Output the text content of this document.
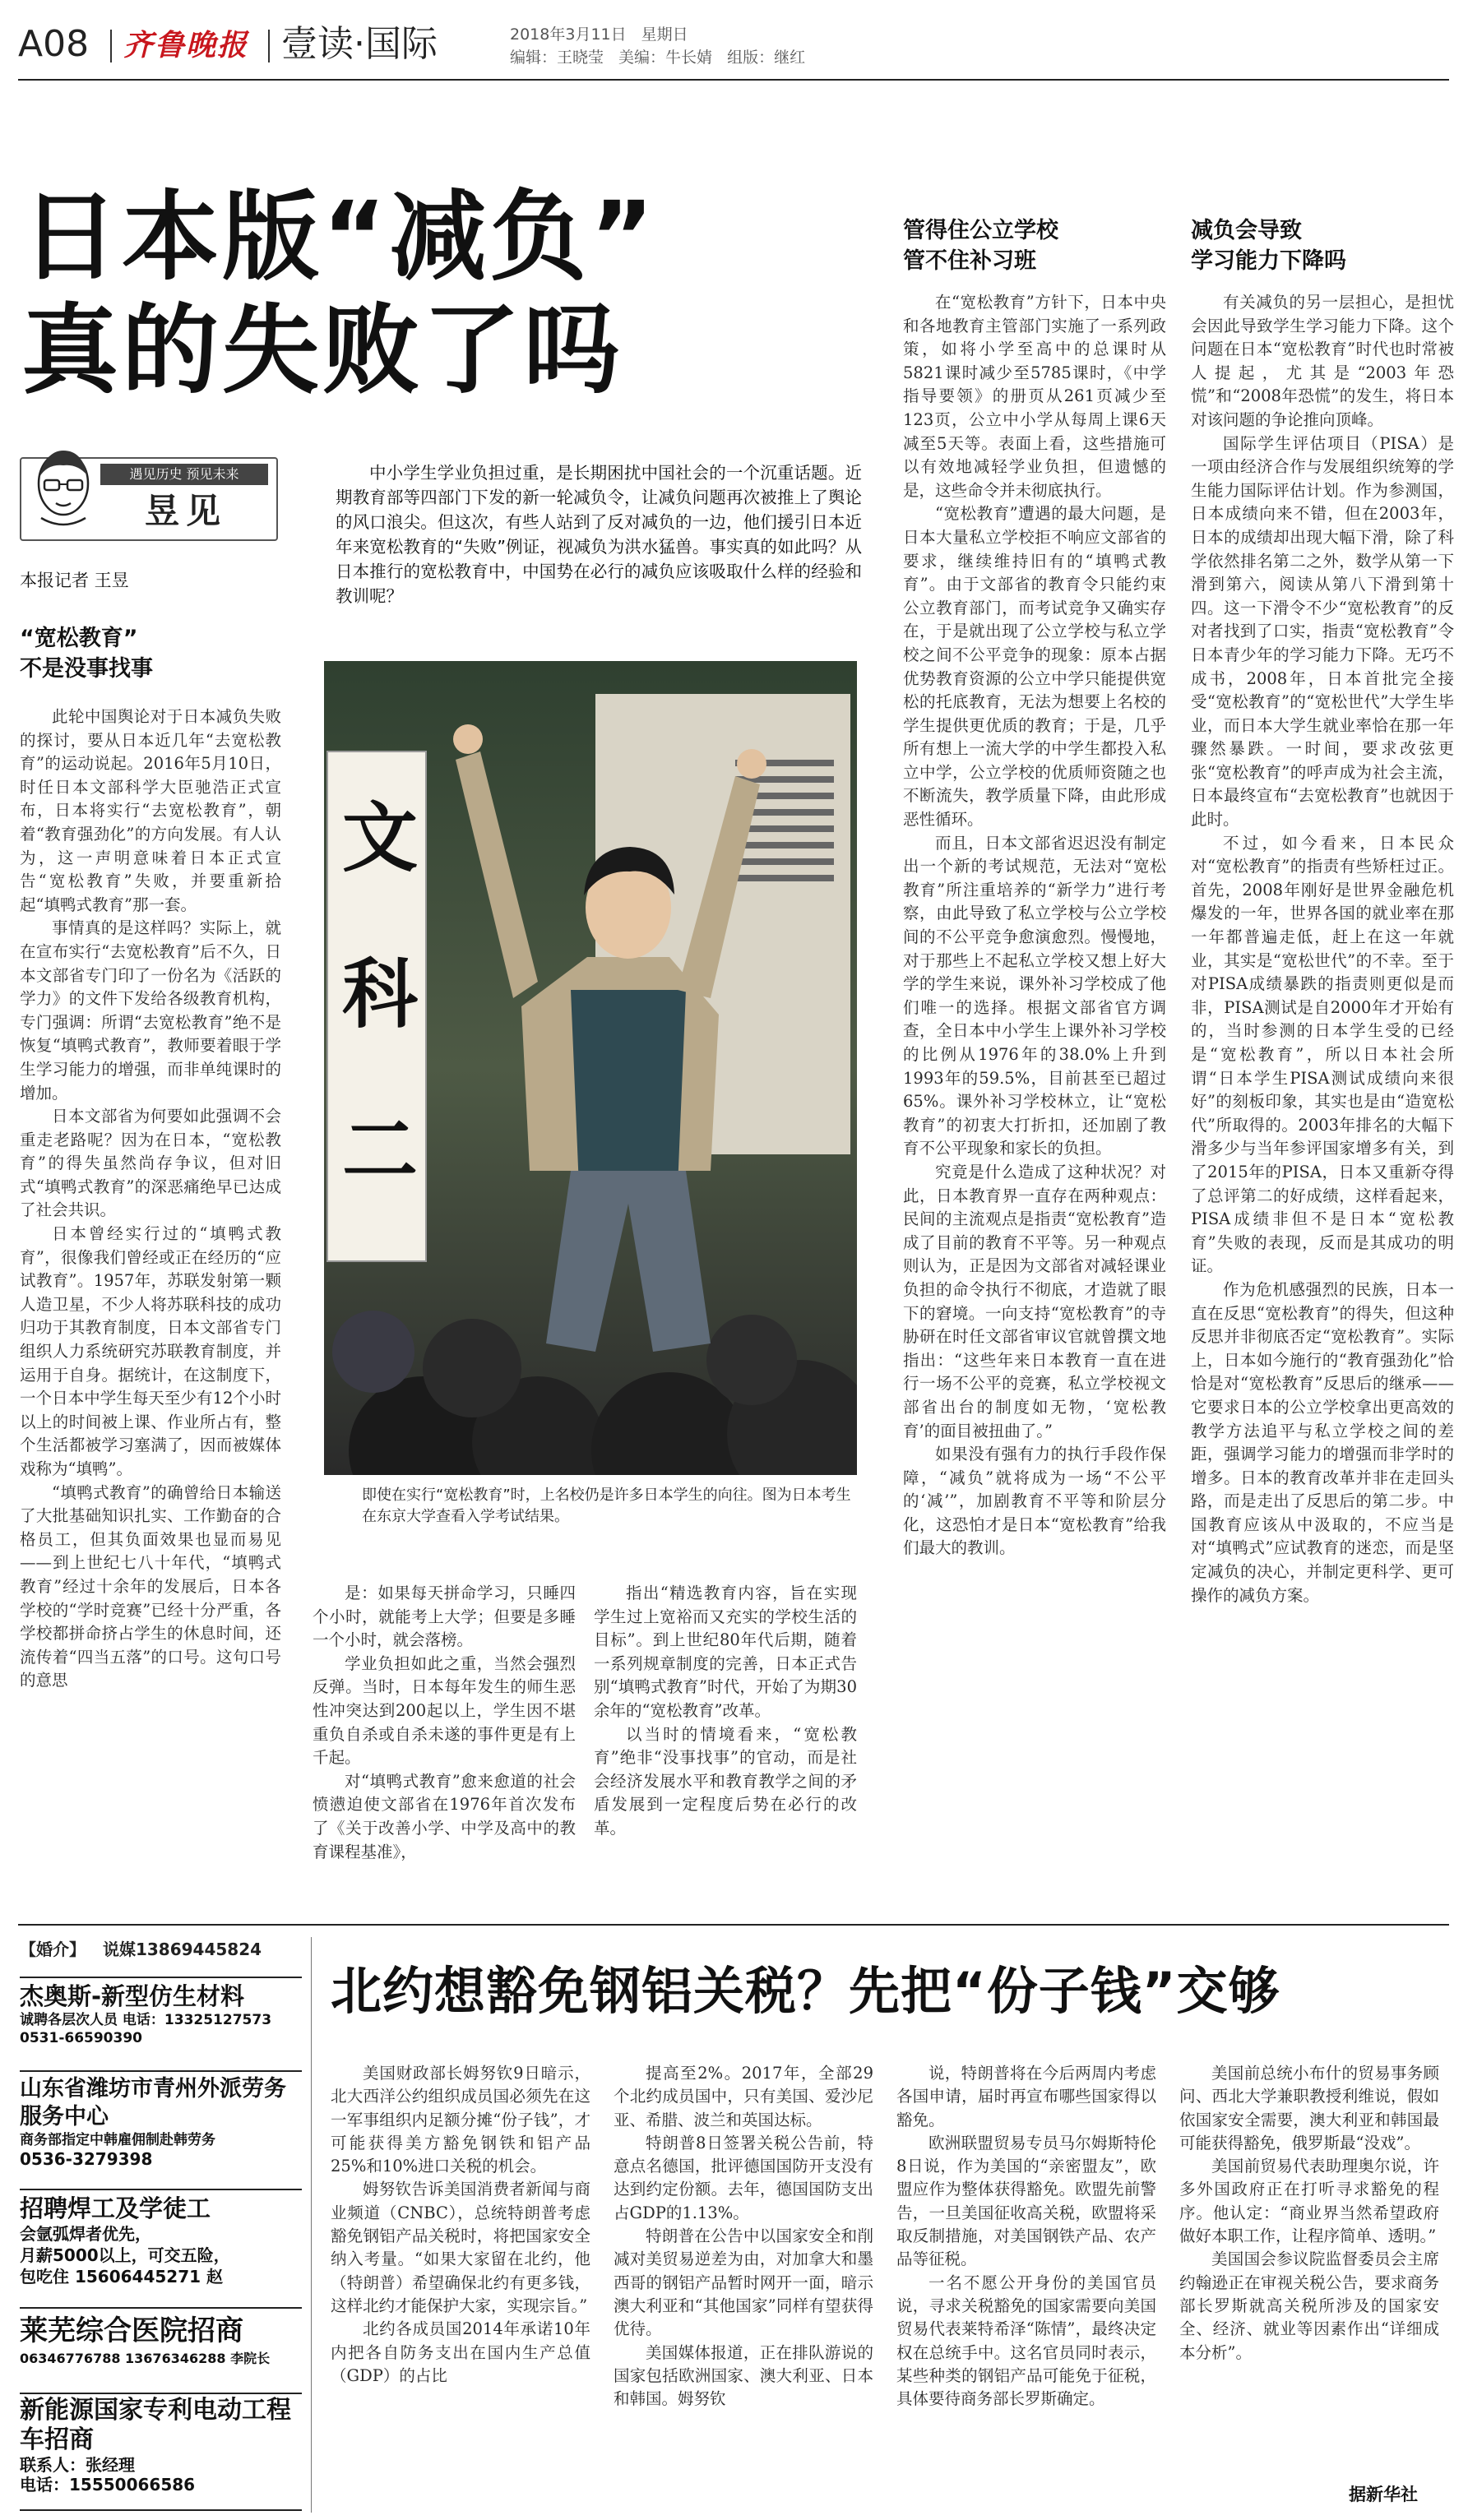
A08 齐鲁晚报 壹读·国际	2018年3月11日 星期日
编辑：王晓莹 美编：牛长婧 组版：继红
日本版“减负”
真的失败了吗
遇见历史 预见未来
昱见
本报记者 王昱
中小学生学业负担过重，是长期困扰中国社会的一个沉重话题。近期教育部等四部门下发的新一轮减负令，让减负问题再次被推上了舆论的风口浪尖。但这次，有些人站到了反对减负的一边，他们援引日本近年来宽松教育的“失败”例证，视减负为洪水猛兽。事实真的如此吗？从日本推行的宽松教育中，中国势在必行的减负应该吸取什么样的经验和教训呢？
“宽松教育”
不是没事找事

此轮中国舆论对于日本减负失败的探讨，要从日本近几年“去宽松教育”的运动说起。2016年5月10日，时任日本文部科学大臣驰浩正式宣布，日本将实行“去宽松教育”，朝着“教育强劲化”的方向发展。有人认为，这一声明意味着日本正式宣告“宽松教育”失败，并要重新拾起“填鸭式教育”那一套。

事情真的是这样吗？实际上，就在宣布实行“去宽松教育”后不久，日本文部省专门印了一份名为《活跃的学力》的文件下发给各级教育机构，专门强调：所谓“去宽松教育”绝不是恢复“填鸭式教育”，教师要着眼于学生学习能力的增强，而非单纯课时的增加。

日本文部省为何要如此强调不会重走老路呢？因为在日本，“宽松教育”的得失虽然尚存争议，但对旧式“填鸭式教育”的深恶痛绝早已达成了社会共识。

日本曾经实行过的“填鸭式教育”，很像我们曾经或正在经历的“应试教育”。1957年，苏联发射第一颗人造卫星，不少人将苏联科技的成功归功于其教育制度，日本文部省专门组织人力系统研究苏联教育制度，并运用于自身。据统计，在这制度下，一个日本中学生每天至少有12个小时以上的时间被上课、作业所占有，整个生活都被学习塞满了，因而被媒体戏称为“填鸭”。

“填鸭式教育”的确曾给日本输送了大批基础知识扎实、工作勤奋的合格员工，但其负面效果也显而易见——到上世纪七八十年代，“填鸭式教育”经过十余年的发展后，日本各学校的“学时竞赛”已经十分严重，各学校都拼命挤占学生的休息时间，还流传着“四当五落”的口号。这句口号的意思

文
科
二
即使在实行“宽松教育”时，上名校仍是许多日本学生的向往。图为日本考生在东京大学查看入学考试结果。

是：如果每天拼命学习，只睡四个小时，就能考上大学；但要是多睡一个小时，就会落榜。

学业负担如此之重，当然会强烈反弹。当时，日本每年发生的师生恶性冲突达到200起以上，学生因不堪重负自杀或自杀未遂的事件更是有上千起。

对“填鸭式教育”愈来愈道的社会愤懑迫使文部省在1976年首次发布了《关于改善小学、中学及高中的教育课程基准》，

指出“精选教育内容，旨在实现学生过上宽裕而又充实的学校生活的目标”。到上世纪80年代后期，随着一系列规章制度的完善，日本正式告别“填鸭式教育”时代，开始了为期30余年的“宽松教育”改革。

以当时的情境看来，“宽松教育”绝非“没事找事”的官动，而是社会经济发展水平和教育教学之间的矛盾发展到一定程度后势在必行的改革。

管得住公立学校
管不住补习班

在“宽松教育”方针下，日本中央和各地教育主管部门实施了一系列政策，如将小学至高中的总课时从5821课时减少至5785课时，《中学指导要领》的册页从261页减少至123页，公立中小学从每周上课6天减至5天等。表面上看，这些措施可以有效地减轻学业负担，但遗憾的是，这些命令并未彻底执行。

“宽松教育”遭遇的最大问题，是日本大量私立学校拒不响应文部省的要求，继续维持旧有的“填鸭式教育”。由于文部省的教育令只能约束公立教育部门，而考试竞争又确实存在，于是就出现了公立学校与私立学校之间不公平竞争的现象：原本占据优势教育资源的公立中学只能提供宽松的托底教育，无法为想要上名校的学生提供更优质的教育；于是，几乎所有想上一流大学的中学生都投入私立中学，公立学校的优质师资随之也不断流失，教学质量下降，由此形成恶性循环。

而且，日本文部省迟迟没有制定出一个新的考试规范，无法对“宽松教育”所注重培养的“新学力”进行考察，由此导致了私立学校与公立学校间的不公平竞争愈演愈烈。慢慢地，对于那些上不起私立学校又想上好大学的学生来说，课外补习学校成了他们唯一的选择。根据文部省官方调查，全日本中小学生上课外补习学校的比例从1976年的38.0%上升到1993年的59.5%，目前甚至已超过65%。课外补习学校林立，让“宽松教育”的初衷大打折扣，还加剧了教育不公平现象和家长的负担。

究竟是什么造成了这种状况？对此，日本教育界一直存在两种观点：民间的主流观点是指责“宽松教育”造成了目前的教育不平等。另一种观点则认为，正是因为文部省对减轻课业负担的命令执行不彻底，才造就了眼下的窘境。一向支持“宽松教育”的寺胁研在时任文部省审议官就曾撰文地指出：“这些年来日本教育一直在进行一场不公平的竞赛，私立学校视文部省出台的制度如无物，‘宽松教育’的面目被扭曲了。”

如果没有强有力的执行手段作保障，“减负”就将成为一场“不公平的‘减’”，加剧教育不平等和阶层分化，这恐怕才是日本“宽松教育”给我们最大的教训。

减负会导致
学习能力下降吗

有关减负的另一层担心，是担忧会因此导致学生学习能力下降。这个问题在日本“宽松教育”时代也时常被人提起，尤其是“2003年恐慌”和“2008年恐慌”的发生，将日本对该问题的争论推向顶峰。

国际学生评估项目（PISA）是一项由经济合作与发展组织统筹的学生能力国际评估计划。作为参测国，日本成绩向来不错，但在2003年，日本的成绩却出现大幅下滑，除了科学依然排名第二之外，数学从第一下滑到第六，阅读从第八下滑到第十四。这一下滑令不少“宽松教育”的反对者找到了口实，指责“宽松教育”令日本青少年的学习能力下降。无巧不成书，2008年，日本首批完全接受“宽松教育”的“宽松世代”大学生毕业，而日本大学生就业率恰在那一年骤然暴跌。一时间，要求改弦更张“宽松教育”的呼声成为社会主流，日本最终宣布“去宽松教育”也就因于此时。

不过，如今看来，日本民众对“宽松教育”的指责有些矫枉过正。首先，2008年刚好是世界金融危机爆发的一年，世界各国的就业率在那一年都普遍走低，赶上在这一年就业，其实是“宽松世代”的不幸。至于对PISA成绩暴跌的指责则更似是而非，PISA测试是自2000年才开始有的，当时参测的日本学生受的已经是“宽松教育”，所以日本社会所谓“日本学生PISA测试成绩向来很好”的刻板印象，其实也是由“造宽松代”所取得的。2003年排名的大幅下滑多少与当年参评国家增多有关，到了2015年的PISA，日本又重新夺得了总评第二的好成绩，这样看起来，PISA成绩非但不是日本“宽松教育”失败的表现，反而是其成功的明证。

作为危机感强烈的民族，日本一直在反思“宽松教育”的得失，但这种反思并非彻底否定“宽松教育”。实际上，日本如今施行的“教育强劲化”恰恰是对“宽松教育”反思后的继承——它要求日本的公立学校拿出更高效的教学方法追平与私立学校之间的差距，强调学习能力的增强而非学时的增多。日本的教育改革并非在走回头路，而是走出了反思后的第二步。中国教育应该从中汲取的，不应当是对“填鸭式”应试教育的迷恋，而是坚定减负的决心，并制定更科学、更可操作的减负方案。

【婚介】 说媒13869445824
杰奥斯-新型仿生材料
诚聘各层次人员 电话：13325127573
0531-66590390
山东省潍坊市青州外派劳务服务中心
商务部指定中韩雇佣制赴韩劳务
0536-3279398
招聘焊工及学徒工
会氩弧焊者优先，
月薪5000以上，可交五险，
包吃住 15606445271 赵
莱芜综合医院招商
06346776788 13676346288 李院长
新能源国家专利电动工程车招商
联系人：张经理
电话：15550066586
北约想豁免钢铝关税？先把“份子钱”交够

美国财政部长姆努钦9日暗示，北大西洋公约组织成员国必须先在这一军事组织内足额分摊“份子钱”，才可能获得美方豁免钢铁和铝产品25%和10%进口关税的机会。

姆努钦告诉美国消费者新闻与商业频道（CNBC），总统特朗普考虑豁免钢铝产品关税时，将把国家安全纳入考量。“如果大家留在北约，他（特朗普）希望确保北约有更多钱，这样北约才能保护大家，实现宗旨。”

北约各成员国2014年承诺10年内把各自防务支出在国内生产总值（GDP）的占比

提高至2%。2017年，全部29个北约成员国中，只有美国、爱沙尼亚、希腊、波兰和英国达标。

特朗普8日签署关税公告前，特意点名德国，批评德国国防开支没有达到约定份额。去年，德国国防支出占GDP的1.13%。

特朗普在公告中以国家安全和削减对美贸易逆差为由，对加拿大和墨西哥的钢铝产品暂时网开一面，暗示澳大利亚和“其他国家”同样有望获得优待。

美国媒体报道，正在排队游说的国家包括欧洲国家、澳大利亚、日本和韩国。姆努钦

说，特朗普将在今后两周内考虑各国申请，届时再宣布哪些国家得以豁免。

欧洲联盟贸易专员马尔姆斯特伦8日说，作为美国的“亲密盟友”，欧盟应作为整体获得豁免。欧盟先前警告，一旦美国征收高关税，欧盟将采取反制措施，对美国钢铁产品、农产品等征税。

一名不愿公开身份的美国官员说，寻求关税豁免的国家需要向美国贸易代表莱特希泽“陈情”，最终决定权在总统手中。这名官员同时表示，某些种类的钢铝产品可能免于征税，具体要待商务部长罗斯确定。

美国前总统小布什的贸易事务顾问、西北大学兼职教授利维说，假如依国家安全需要，澳大利亚和韩国最可能获得豁免，俄罗斯最“没戏”。

美国前贸易代表助理奥尔说，许多外国政府正在打听寻求豁免的程序。他认定：“商业界当然希望政府做好本职工作，让程序简单、透明。”

美国国会参议院监督委员会主席约翰逊正在审视关税公告，要求商务部长罗斯就高关税所涉及的国家安全、经济、就业等因素作出“详细成本分析”。

据新华社
